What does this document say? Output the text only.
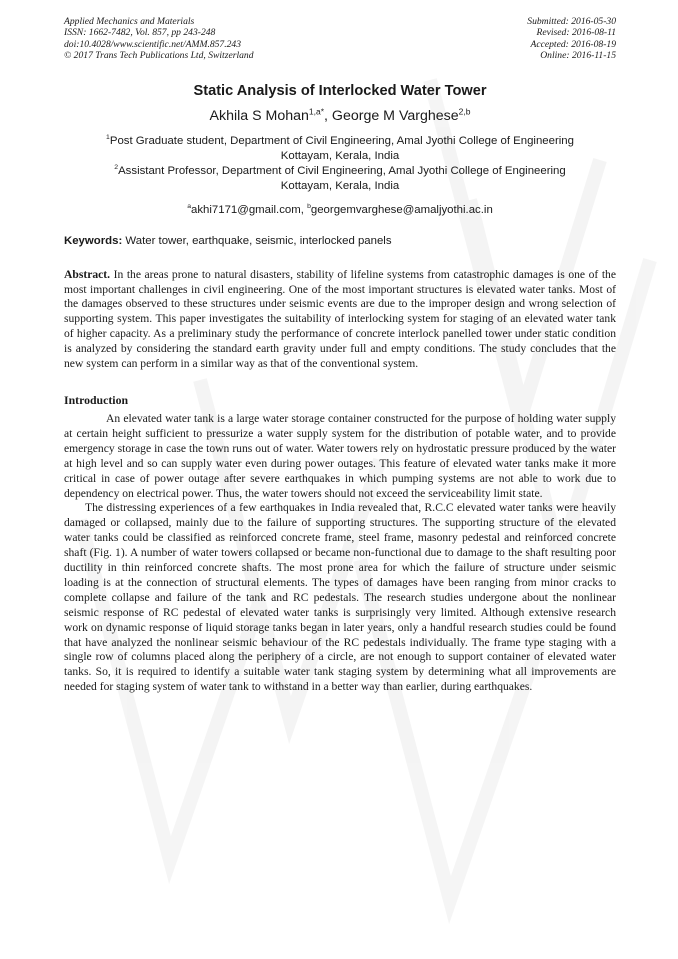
Applied Mechanics and Materials
ISSN: 1662-7482, Vol. 857, pp 243-248
doi:10.4028/www.scientific.net/AMM.857.243
© 2017 Trans Tech Publications Ltd, Switzerland
Submitted: 2016-05-30
Revised: 2016-08-11
Accepted: 2016-08-19
Online: 2016-11-15
Static Analysis of Interlocked Water Tower
Akhila S Mohan$^{1,a*}$, George M Varghese$^{2,b}$
$^1$Post Graduate student, Department of Civil Engineering, Amal Jyothi College of Engineering
Kottayam, Kerala, India
$^2$Assistant Professor, Department of Civil Engineering, Amal Jyothi College of Engineering
Kottayam, Kerala, India
$^a$akhi7171@gmail.com, $^b$georgemvarghese@amaljyothi.ac.in
Keywords: Water tower, earthquake, seismic, interlocked panels
Abstract. In the areas prone to natural disasters, stability of lifeline systems from catastrophic damages is one of the most important challenges in civil engineering. One of the most important structures is elevated water tanks. Most of the damages observed to these structures under seismic events are due to the improper design and wrong selection of supporting system. This paper investigates the suitability of interlocking system for staging of an elevated water tank of higher capacity. As a preliminary study the performance of concrete interlock panelled tower under static condition is analyzed by considering the standard earth gravity under full and empty conditions. The study concludes that the new system can perform in a similar way as that of the conventional system.
Introduction
An elevated water tank is a large water storage container constructed for the purpose of holding water supply at certain height sufficient to pressurize a water supply system for the distribution of potable water, and to provide emergency storage in case the town runs out of water. Water towers rely on hydrostatic pressure produced by the water at high level and so can supply water even during power outages. This feature of elevated water tanks make it more critical in case of power outage after severe earthquakes in which pumping systems are not able to work due to dependency on electrical power. Thus, the water towers should not exceed the serviceability limit state.
The distressing experiences of a few earthquakes in India revealed that, R.C.C elevated water tanks were heavily damaged or collapsed, mainly due to the failure of supporting structures. The supporting structure of the elevated water tanks could be classified as reinforced concrete frame, steel frame, masonry pedestal and reinforced concrete shaft (Fig. 1). A number of water towers collapsed or became non-functional due to damage to the shaft resulting poor ductility in thin reinforced concrete shafts. The most prone area for which the failure of structure under seismic loading is at the connection of structural elements. The types of damages have been ranging from minor cracks to complete collapse and failure of the tank and RC pedestals. The research studies undergone about the nonlinear seismic response of RC pedestal of elevated water tanks is surprisingly very limited. Although extensive research work on dynamic response of liquid storage tanks began in later years, only a handful research studies could be found that have analyzed the nonlinear seismic behaviour of the RC pedestals individually. The frame type staging with a single row of columns placed along the periphery of a circle, are not enough to support container of elevated water tanks. So, it is required to identify a suitable water tank staging system by determining what all improvements are needed for staging system of water tank to withstand in a better way than earlier, during earthquakes.
